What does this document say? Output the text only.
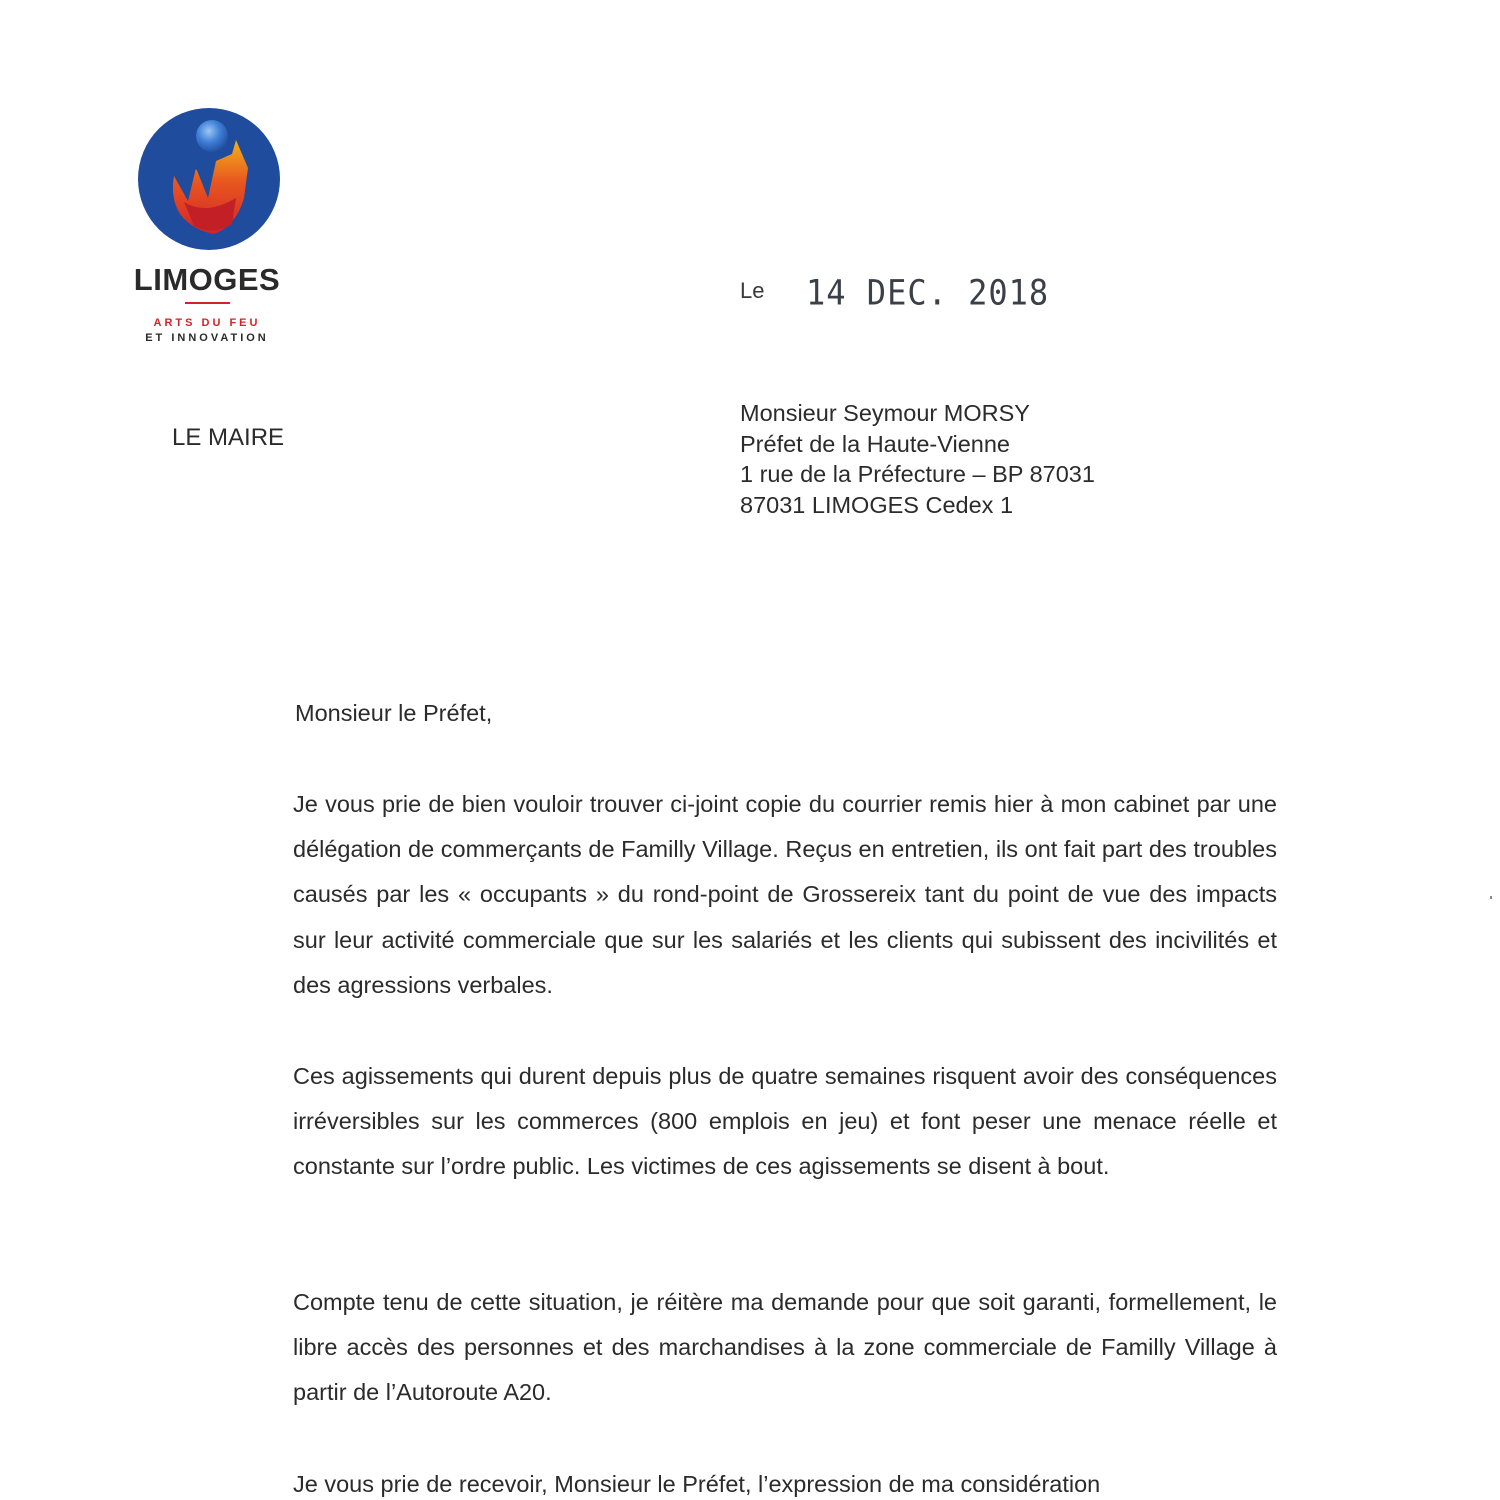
LIMOGES
ARTS DU FEU
ET INNOVATION
LE MAIRE
Le 14 DEC. 2018
Monsieur Seymour MORSY
Préfet de la Haute-Vienne
1 rue de la Préfecture – BP 87031
87031 LIMOGES Cedex 1
Monsieur le Préfet,
Je vous prie de bien vouloir trouver ci-joint copie du courrier remis hier à mon cabinet par une délégation de commerçants de Familly Village. Reçus en entretien, ils ont fait part des troubles causés par les « occupants » du rond-point de Grossereix tant du point de vue des impacts sur leur activité commerciale que sur les salariés et les clients qui subissent des incivilités et des agressions verbales.
Ces agissements qui durent depuis plus de quatre semaines risquent avoir des conséquences irréversibles sur les commerces (800 emplois en jeu) et font peser une menace réelle et constante sur l’ordre public. Les victimes de ces agissements se disent à bout.
Compte tenu de cette situation, je réitère ma demande pour que soit garanti, formellement, le libre accès des personnes et des marchandises à la zone commerciale de Familly Village à partir de l’Autoroute A20.
Je vous prie de recevoir, Monsieur le Préfet, l’expression de ma considération
